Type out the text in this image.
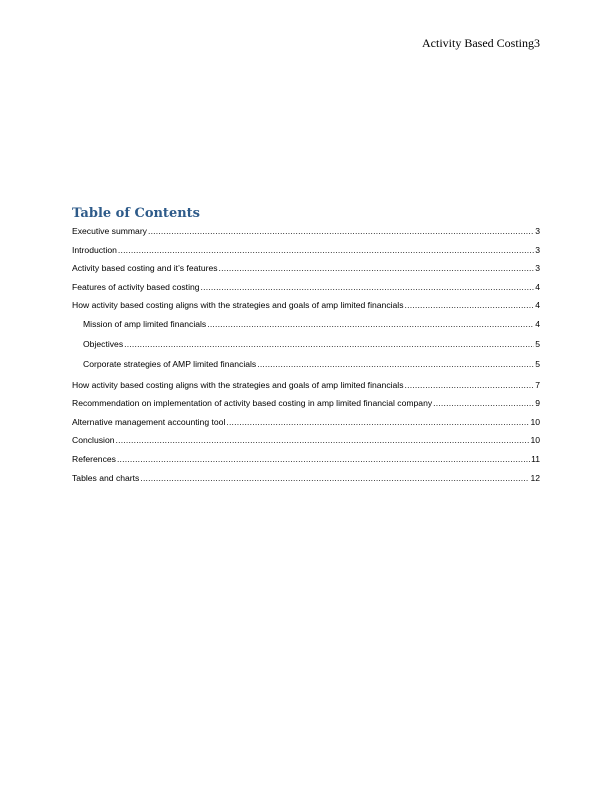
Activity Based Costing3
Table of Contents
Executive summary .....	3
Introduction .....	3
Activity based costing and it’s features .....	3
Features of activity based costing .....	4
How activity based costing aligns with the strategies and goals of amp limited financials .....	4
Mission of amp limited financials .....	4
Objectives .....	5
Corporate strategies of AMP limited financials .....	5
How activity based costing aligns with the strategies and goals of amp limited financials .....	7
Recommendation on implementation of activity based costing in amp limited financial company .....	9
Alternative management accounting tool .....	10
Conclusion .....	10
References .....	11
Tables and charts .....	12
